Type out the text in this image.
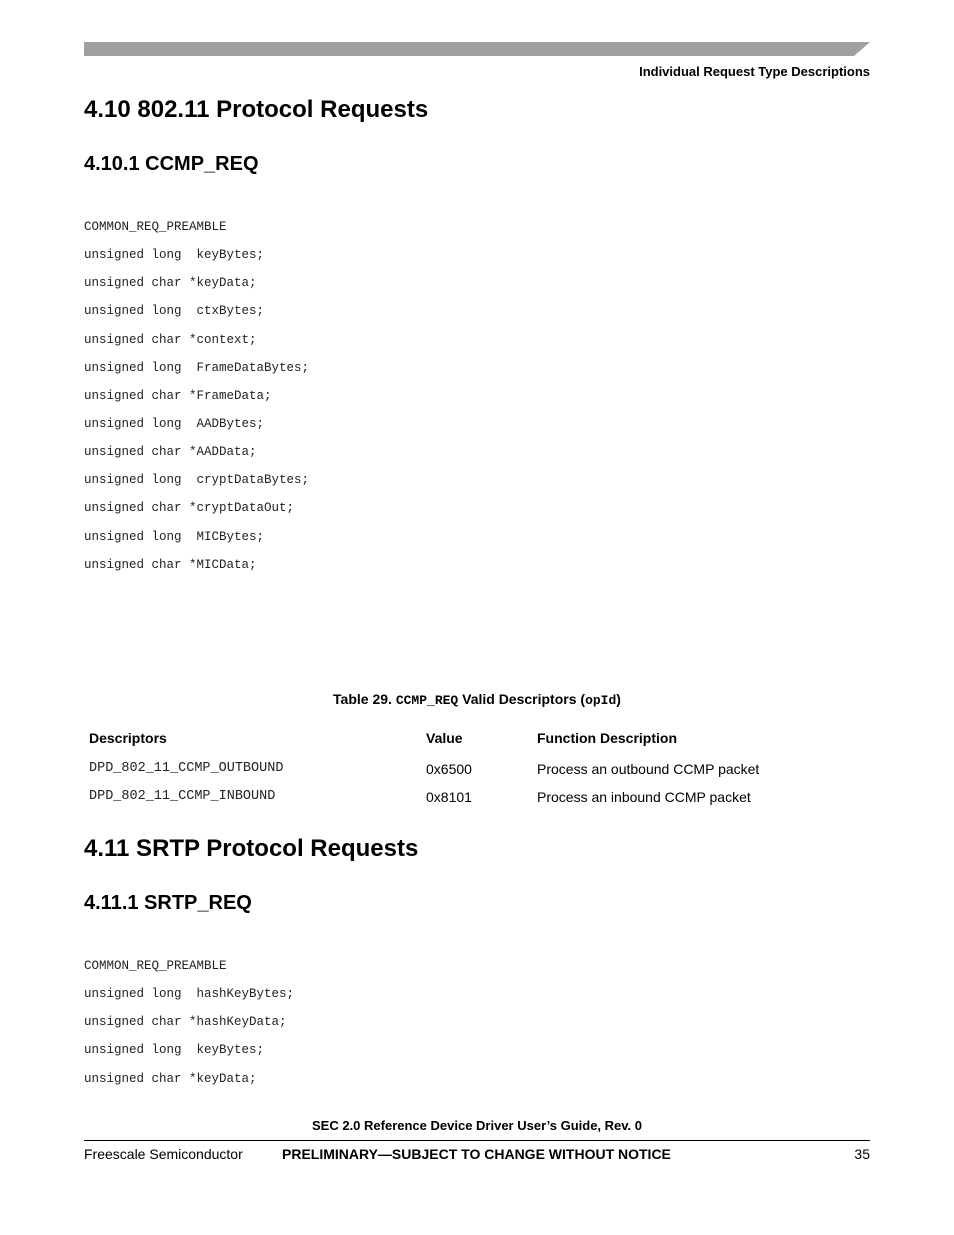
Individual Request Type Descriptions
4.10 802.11 Protocol Requests
4.10.1 CCMP_REQ
COMMON_REQ_PREAMBLE
unsigned long  keyBytes;
unsigned char *keyData;
unsigned long  ctxBytes;
unsigned char *context;
unsigned long  FrameDataBytes;
unsigned char *FrameData;
unsigned long  AADBytes;
unsigned char *AADData;
unsigned long  cryptDataBytes;
unsigned char *cryptDataOut;
unsigned long  MICBytes;
unsigned char *MICData;
Table 29. CCMP_REQ Valid Descriptors (opId)
Descriptors	Value	Function Description
DPD_802_11_CCMP_OUTBOUND	0x6500	Process an outbound CCMP packet
DPD_802_11_CCMP_INBOUND	0x8101	Process an inbound CCMP packet
4.11 SRTP Protocol Requests
4.11.1 SRTP_REQ
COMMON_REQ_PREAMBLE
unsigned long  hashKeyBytes;
unsigned char *hashKeyData;
unsigned long  keyBytes;
unsigned char *keyData;
SEC 2.0 Reference Device Driver User’s Guide, Rev. 0
Freescale Semiconductor	PRELIMINARY—SUBJECT TO CHANGE WITHOUT NOTICE	35
